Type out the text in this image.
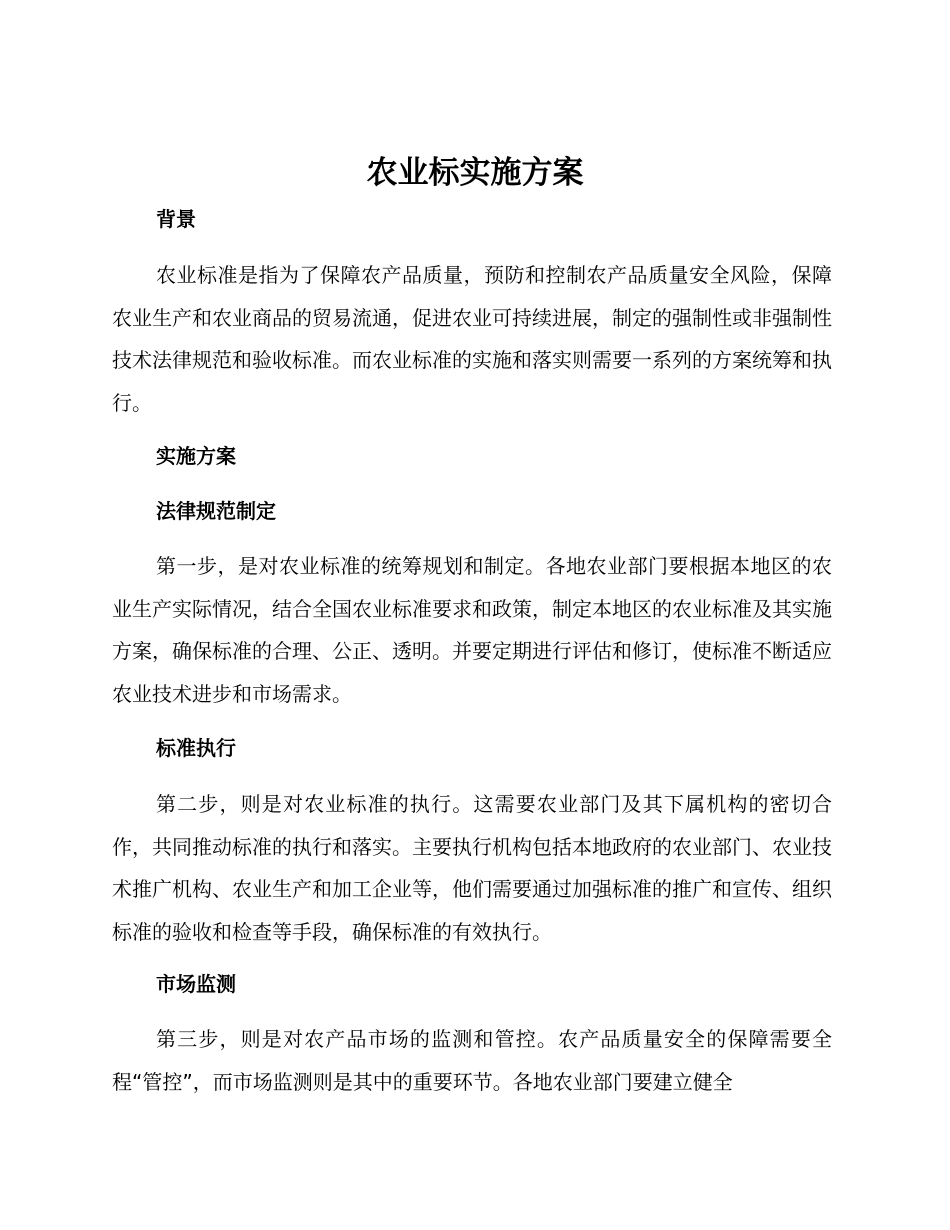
农业标实施方案
背景
农业标准是指为了保障农产品质量，预防和控制农产品质量安全风险，保障农业生产和农业商品的贸易流通，促进农业可持续进展，制定的强制性或非强制性技术法律规范和验收标准。而农业标准的实施和落实则需要一系列的方案统筹和执行。
实施方案
法律规范制定
第一步，是对农业标准的统筹规划和制定。各地农业部门要根据本地区的农业生产实际情况，结合全国农业标准要求和政策，制定本地区的农业标准及其实施方案，确保标准的合理、公正、透明。并要定期进行评估和修订，使标准不断适应农业技术进步和市场需求。
标准执行
第二步，则是对农业标准的执行。这需要农业部门及其下属机构的密切合作，共同推动标准的执行和落实。主要执行机构包括本地政府的农业部门、农业技术推广机构、农业生产和加工企业等，他们需要通过加强标准的推广和宣传、组织标准的验收和检查等手段，确保标准的有效执行。
市场监测
第三步，则是对农产品市场的监测和管控。农产品质量安全的保障需要全程“管控”，而市场监测则是其中的重要环节。各地农业部门要建立健全
